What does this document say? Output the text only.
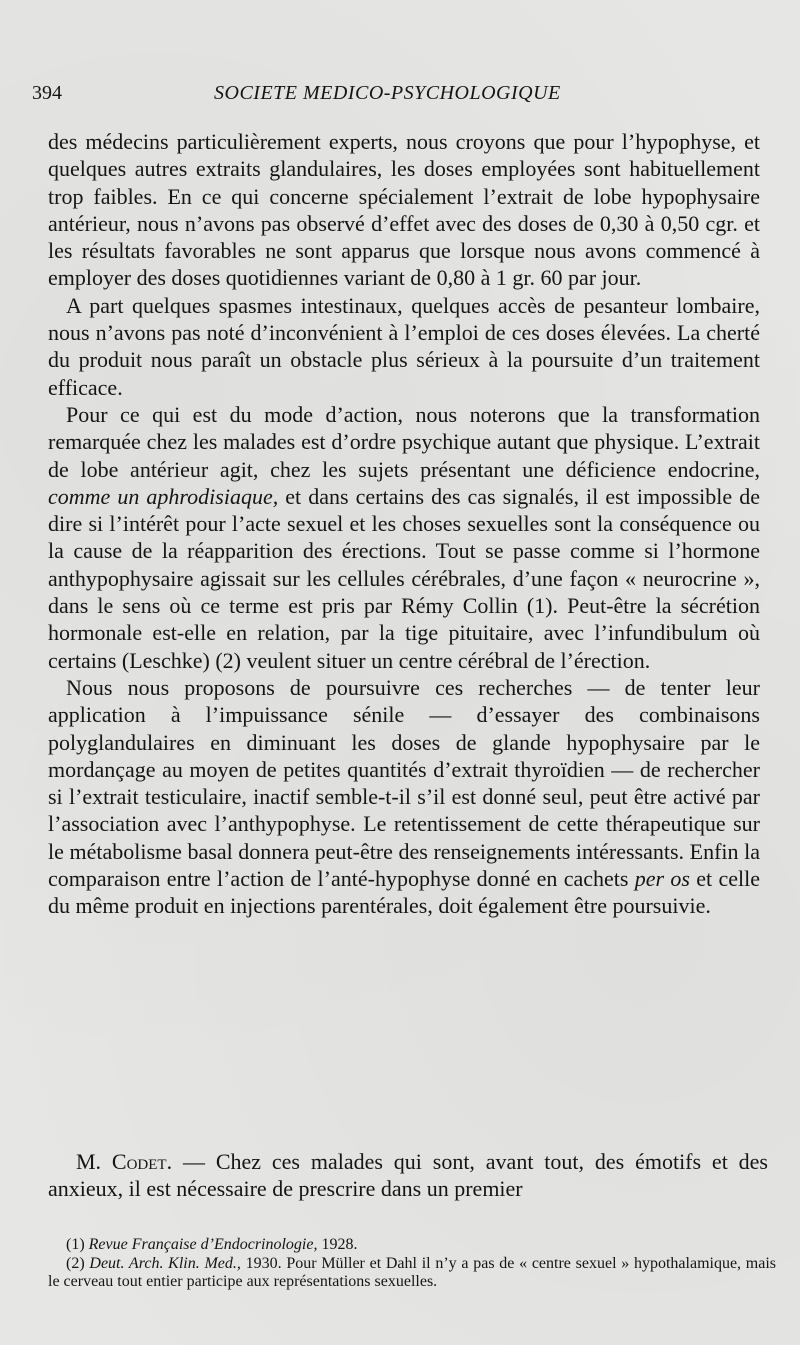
394	SOCIETE MEDICO-PSYCHOLOGIQUE

des médecins particulièrement experts, nous croyons que pour l’hypophyse, et quelques autres extraits glandulaires, les doses employées sont habituellement trop faibles. En ce qui concerne spécialement l’extrait de lobe hypophysaire antérieur, nous n’avons pas observé d’effet avec des doses de 0,30 à 0,50 cgr. et les résultats favorables ne sont apparus que lorsque nous avons commencé à employer des doses quotidiennes variant de 0,80 à 1 gr. 60 par jour.

A part quelques spasmes intestinaux, quelques accès de pesanteur lombaire, nous n’avons pas noté d’inconvénient à l’emploi de ces doses élevées. La cherté du produit nous paraît un obstacle plus sérieux à la poursuite d’un traitement efficace.

Pour ce qui est du mode d’action, nous noterons que la transformation remarquée chez les malades est d’ordre psychique autant que physique. L’extrait de lobe antérieur agit, chez les sujets présentant une déficience endocrine, comme un aphrodisiaque, et dans certains des cas signalés, il est impossible de dire si l’intérêt pour l’acte sexuel et les choses sexuelles sont la conséquence ou la cause de la réapparition des érections. Tout se passe comme si l’hormone anthypophysaire agissait sur les cellules cérébrales, d’une façon « neurocrine », dans le sens où ce terme est pris par Rémy Collin (1). Peut-être la sécrétion hormonale est-elle en relation, par la tige pituitaire, avec l’infundibulum où certains (Leschke) (2) veulent situer un centre cérébral de l’érection.

Nous nous proposons de poursuivre ces recherches — de tenter leur application à l’impuissance sénile — d’essayer des combinaisons polyglandulaires en diminuant les doses de glande hypophysaire par le mordançage au moyen de petites quantités d’extrait thyroïdien — de rechercher si l’extrait testiculaire, inactif semble-t-il s’il est donné seul, peut être activé par l’association avec l’anthypophyse. Le retentissement de cette thérapeutique sur le métabolisme basal donnera peut-être des renseignements intéressants. Enfin la comparaison entre l’action de l’anté-hypophyse donné en cachets per os et celle du même produit en injections parentérales, doit également être poursuivie.

M. Codet. — Chez ces malades qui sont, avant tout, des émotifs et des anxieux, il est nécessaire de prescrire dans un premier

(1) Revue Française d’Endocrinologie, 1928.

(2) Deut. Arch. Klin. Med., 1930. Pour Müller et Dahl il n’y a pas de « centre sexuel » hypothalamique, mais le cerveau tout entier participe aux représentations sexuelles.
